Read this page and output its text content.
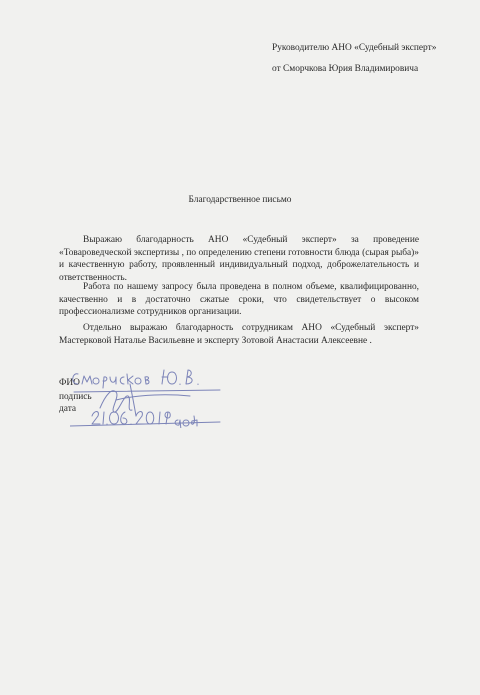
Руководителю АНО «Судебный эксперт»
от Сморчкова Юрия Владимировича
Благодарственное письмо

Выражаю благодарность АНО «Судебный эксперт» за проведение «Товароведческой экспертизы , по определению степени готовности блюда (сырая рыба)» и качественную работу, проявленный индивидуальный подход, доброжелательность и ответственность.

Работа по нашему запросу была проведена в полном объеме, квалифицированно, качественно и в достаточно сжатые сроки, что свидетельствует о высоком профессионализме сотрудников организации.

Отдельно выражаю благодарность сотрудникам АНО «Судебный эксперт» Мастерковой Наталье Васильевне и эксперту Зотовой Анастасии Алексеевне .

ФИО
подпись
дата
